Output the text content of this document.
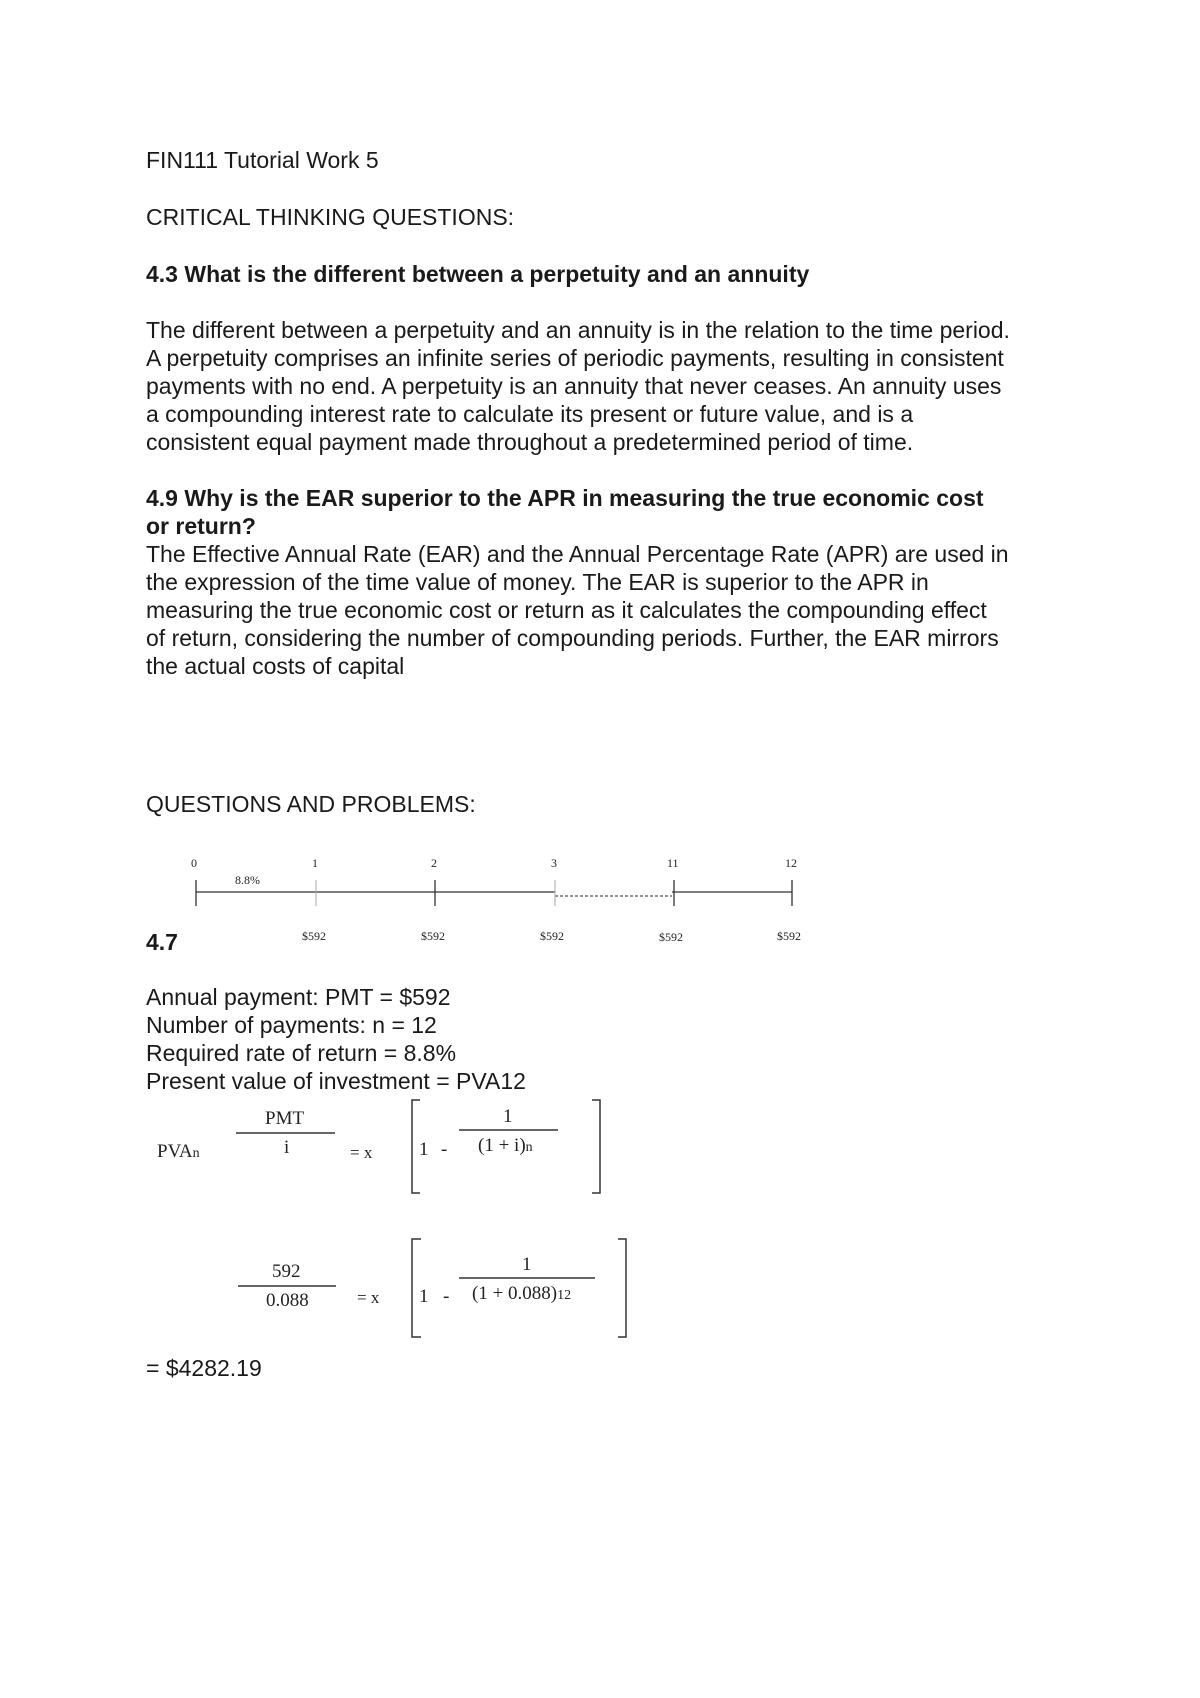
FIN111 Tutorial Work 5
CRITICAL THINKING QUESTIONS:
4.3 What is the different between a perpetuity and an annuity
The different between a perpetuity and an annuity is in the relation to the time period.
A perpetuity comprises an infinite series of periodic payments, resulting in consistent
payments with no end. A perpetuity is an annuity that never ceases. An annuity uses
a compounding interest rate to calculate its present or future value, and is a
consistent equal payment made throughout a predetermined period of time.
4.9 Why is the EAR superior to the APR in measuring the true economic cost
or return?
The Effective Annual Rate (EAR) and the Annual Percentage Rate (APR) are used in
the expression of the time value of money. The EAR is superior to the APR in
measuring the true economic cost or return as it calculates the compounding effect
of return, considering the number of compounding periods. Further, the EAR mirrors
the actual costs of capital
QUESTIONS AND PROBLEMS:
0	1	2	3	11	12
8.8%
$592	$592	$592	$592	$592
4.7
Annual payment: PMT = $592
Number of payments: n = 12
Required rate of return = 8.8%
Present value of investment = PVA12
PVAn
PMT
i	= x 1 -
1
(1 + i)n
592
0.088	= x 1 -
1
(1 + 0.088)12
= $4282.19
